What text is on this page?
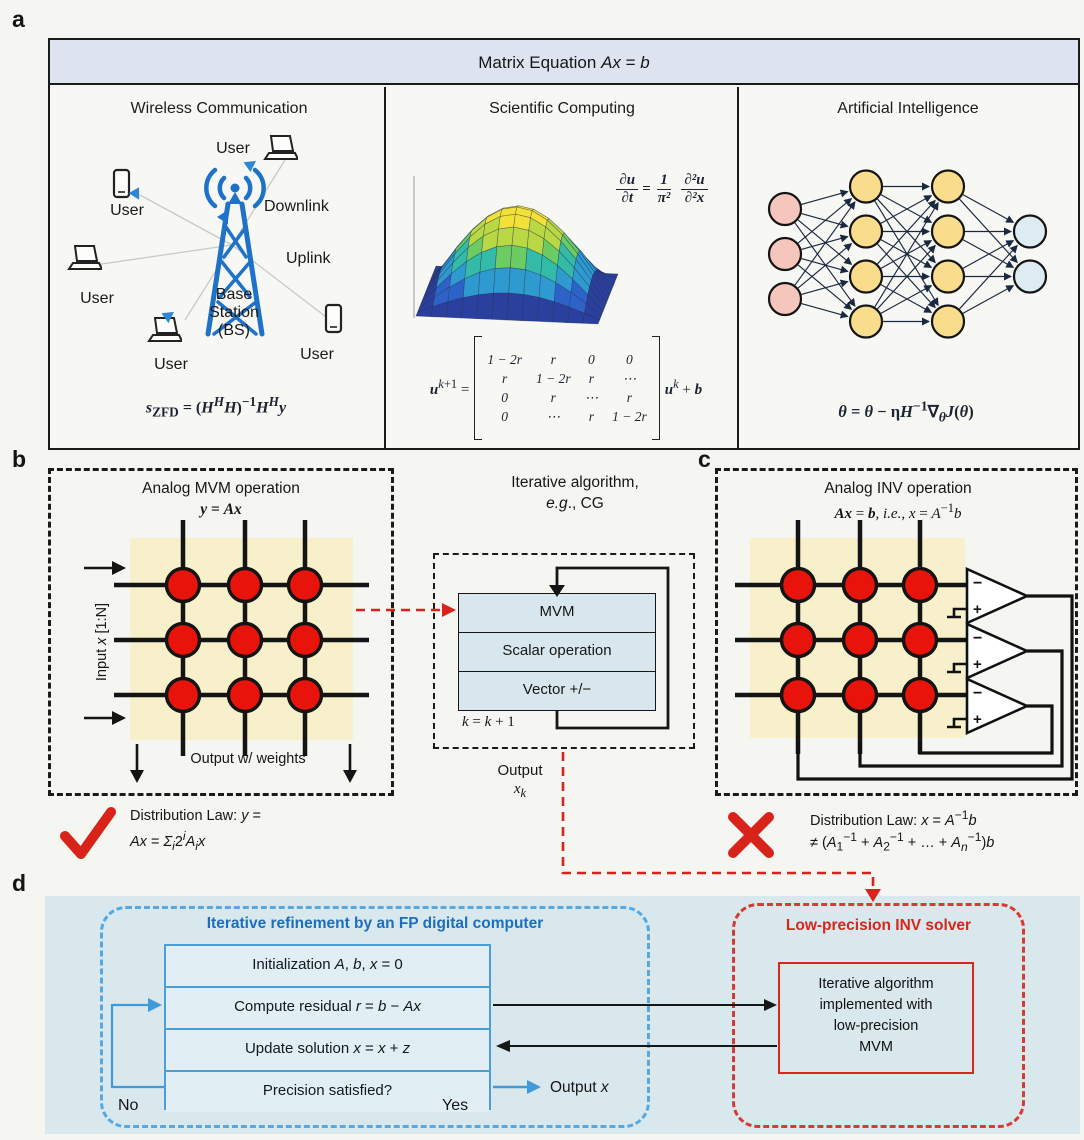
a
Matrix Equation Ax = b
Wireless Communication	Scientific Computing	Artificial Intelligence
User
User
User
User
User
Downlink
Uplink
Base
Station
(BS)
$s_{ZFD} = (H^HH)^{-1}H^Hy$
$\frac{\partial u}{\partial t} = \frac{1}{\text{π²}} \frac{\text{∂²u}}{\text{∂²x}}$
$u^{k+1}$ =
1 − 2r	r	0	0
r	1 − 2r	r	⋯
0	r	⋯	r
0	⋯	r	1 − 2r
$u^k + b$
$\theta = \theta - \eta H^{-1}\nabla_\theta J(\theta)$
b
Analog MVM operation
y = Ax
Input x [1:N]
Output w/ weights
Distribution Law: y =
$Ax = \Sigma_i2^iA_ix$
Iterative algorithm,
e.g., CG
MVM
Scalar operation
Vector +/−
k = k + 1
Output
$x_k$
c
Analog INV operation
Ax = b, i.e., $x = A^{-1}b$
−
+
−
+
−
+
Distribution Law: $x = A^{-1}b$
≠ ($A_1^{-1} + A_2^{-1}$ + … + $A_n^{-1})b$
d
Iterative refinement by an FP digital computer
Initialization A, b, x = 0
Compute residual r = b − Ax
Update solution x = x + z
Precision satisfied?
No	Yes
Output x
Low-precision INV solver
Iterative algorithm
implemented with
low-precision
MVM
